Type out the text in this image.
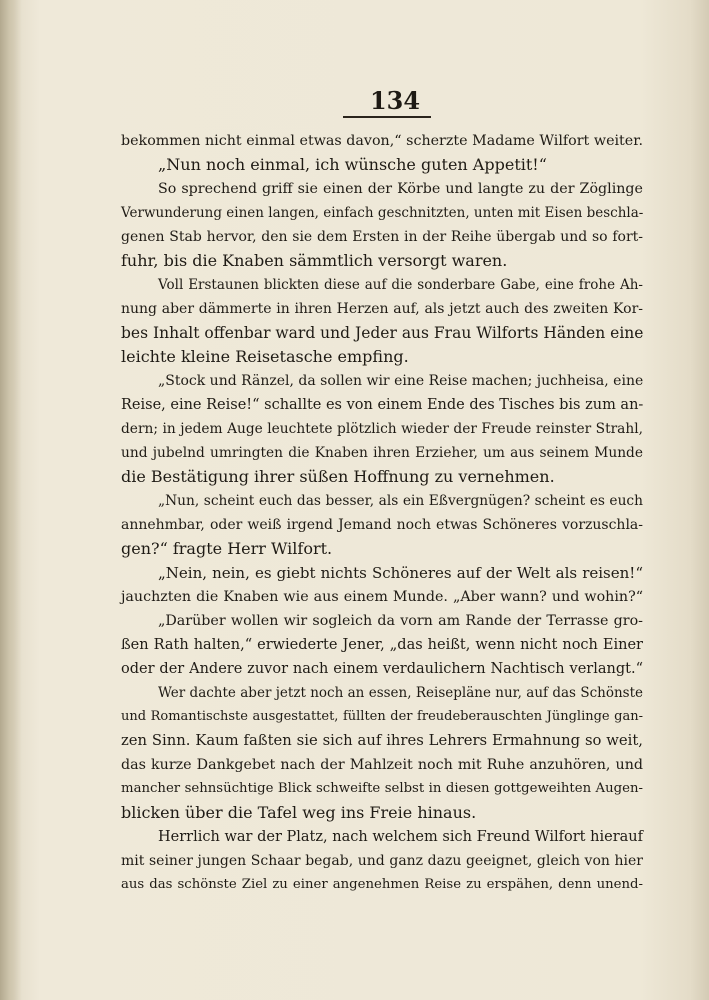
134
bekommen nicht einmal etwas davon,“ scherzte Madame Wilfort weiter.
„Nun noch einmal, ich wünsche guten Appetit!“
So sprechend griff sie einen der Körbe und langte zu der Zöglinge
Verwunderung einen langen, einfach geschnitzten, unten mit Eisen beschla-
genen Stab hervor, den sie dem Ersten in der Reihe übergab und so fort-
fuhr, bis die Knaben sämmtlich versorgt waren.
Voll Erstaunen blickten diese auf die sonderbare Gabe, eine frohe Ah-
nung aber dämmerte in ihren Herzen auf, als jetzt auch des zweiten Kor-
bes Inhalt offenbar ward und Jeder aus Frau Wilforts Händen eine
leichte kleine Reisetasche empfing.
„Stock und Ränzel, da sollen wir eine Reise machen; juchheisa, eine
Reise, eine Reise!“ schallte es von einem Ende des Tisches bis zum an-
dern; in jedem Auge leuchtete plötzlich wieder der Freude reinster Strahl,
und jubelnd umringten die Knaben ihren Erzieher, um aus seinem Munde
die Bestätigung ihrer süßen Hoffnung zu vernehmen.
„Nun, scheint euch das besser, als ein Eßvergnügen? scheint es euch
annehmbar, oder weiß irgend Jemand noch etwas Schöneres vorzuschla-
gen?“ fragte Herr Wilfort.
„Nein, nein, es giebt nichts Schöneres auf der Welt als reisen!“
jauchzten die Knaben wie aus einem Munde. „Aber wann? und wohin?“
„Darüber wollen wir sogleich da vorn am Rande der Terrasse gro-
ßen Rath halten,“ erwiederte Jener, „das heißt, wenn nicht noch Einer
oder der Andere zuvor nach einem verdaulichern Nachtisch verlangt.“
Wer dachte aber jetzt noch an essen, Reisepläne nur, auf das Schönste
und Romantischste ausgestattet, füllten der freudeberauschten Jünglinge gan-
zen Sinn. Kaum faßten sie sich auf ihres Lehrers Ermahnung so weit,
das kurze Dankgebet nach der Mahlzeit noch mit Ruhe anzuhören, und
mancher sehnsüchtige Blick schweifte selbst in diesen gottgeweihten Augen-
blicken über die Tafel weg ins Freie hinaus.
Herrlich war der Platz, nach welchem sich Freund Wilfort hierauf
mit seiner jungen Schaar begab, und ganz dazu geeignet, gleich von hier
aus das schönste Ziel zu einer angenehmen Reise zu erspähen, denn unend-
